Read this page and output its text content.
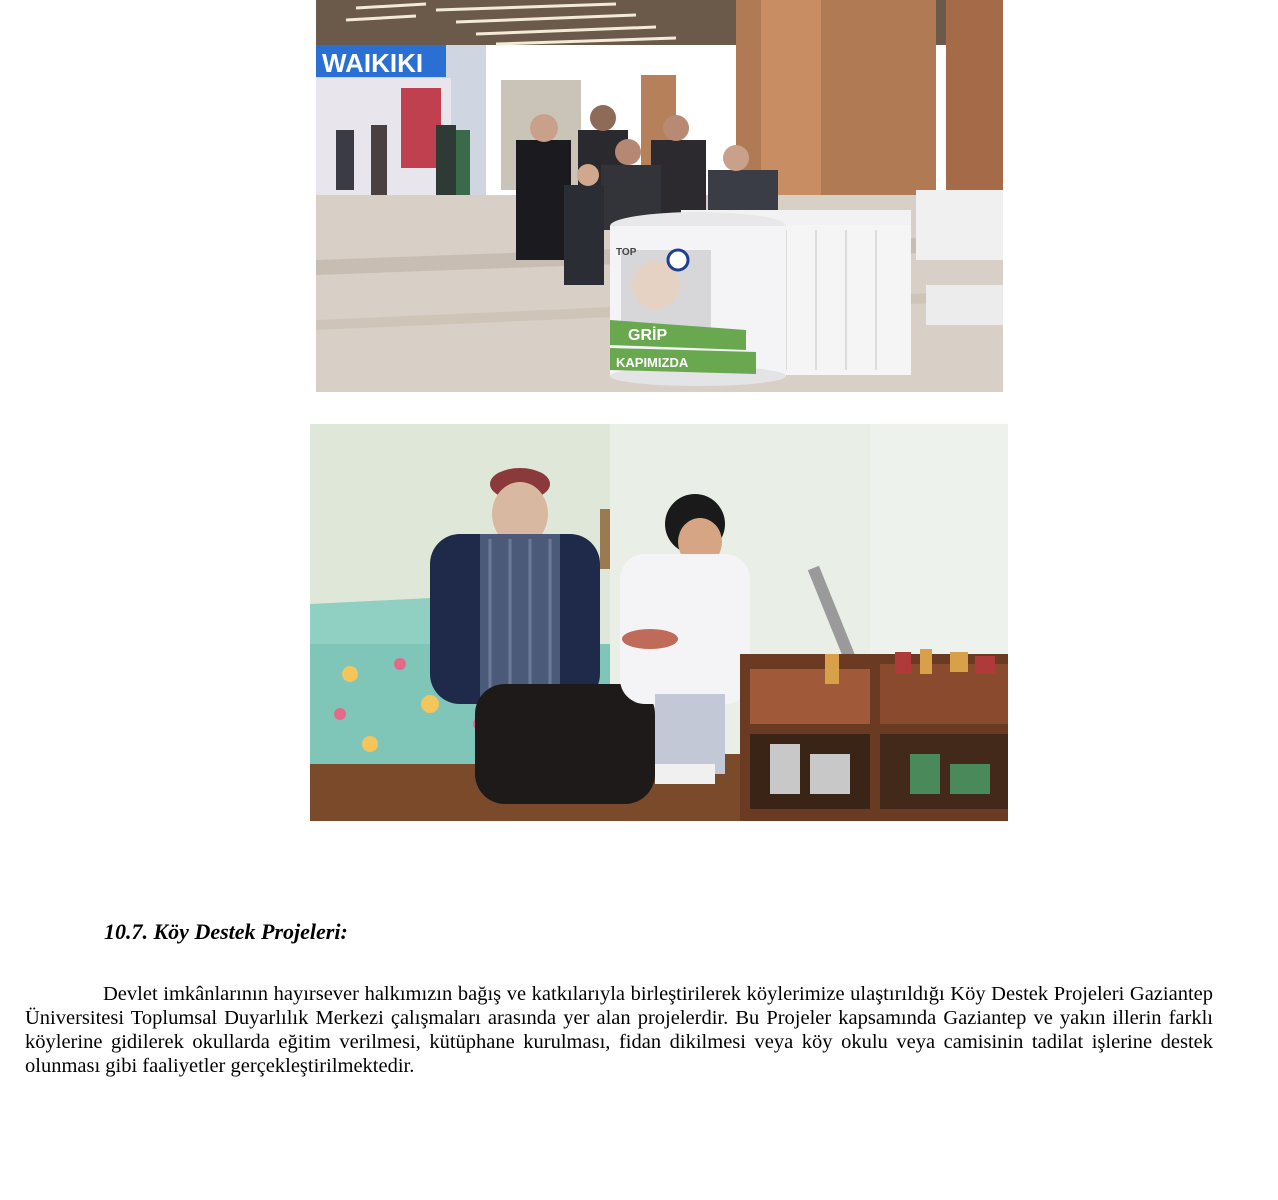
WAIKIKI
TOP
GRİP
KAPIMIZDA
10.7. Köy Destek Projeleri:
Devlet imkânlarının hayırsever halkımızın bağış ve katkılarıyla birleştirilerek köylerimize ulaştırıldığı Köy Destek Projeleri Gaziantep Üniversitesi Toplumsal Duyarlılık Merkezi çalışmaları arasında yer alan projelerdir. Bu Projeler kapsamında Gaziantep ve yakın illerin farklı köylerine gidilerek okullarda eğitim verilmesi, kütüphane kurulması, fidan dikilmesi veya köy okulu veya camisinin tadilat işlerine destek olunması gibi faaliyetler gerçekleştirilmektedir.
